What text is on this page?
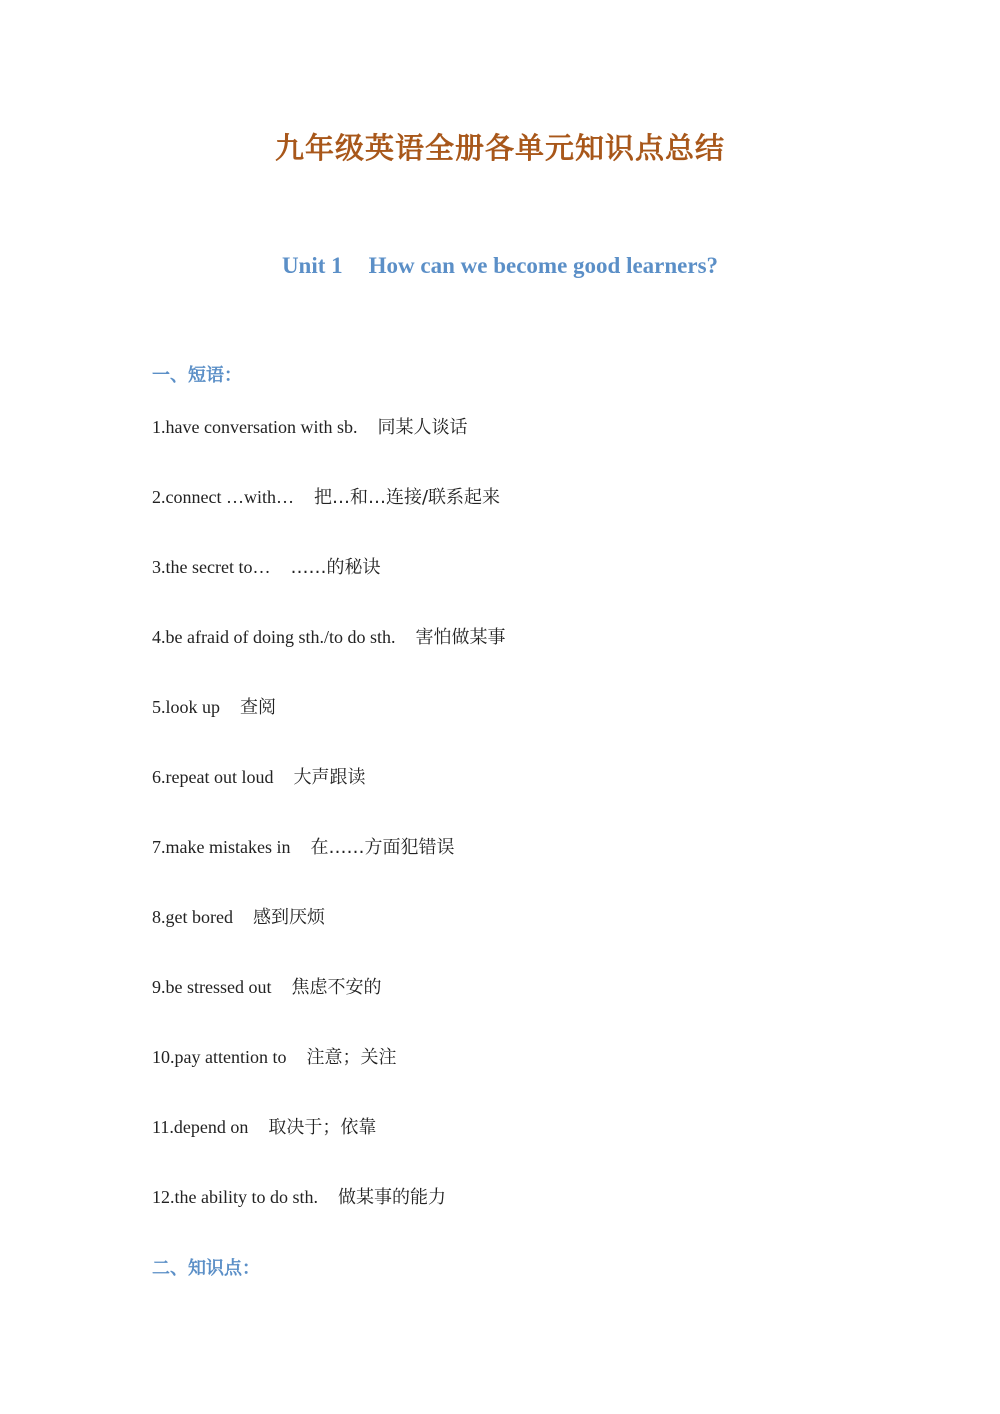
九年级英语全册各单元知识点总结
Unit 1 How can we become good learners?
一、短语：
1.have conversation with sb. 同某人谈话
2.connect …with… 把…和…连接/联系起来
3.the secret to… ……的秘诀
4.be afraid of doing sth./to do sth. 害怕做某事
5.look up 查阅
6.repeat out loud 大声跟读
7.make mistakes in 在……方面犯错误
8.get bored 感到厌烦
9.be stressed out 焦虑不安的
10.pay attention to 注意；关注
11.depend on 取决于；依靠
12.the ability to do sth. 做某事的能力
二、知识点：
